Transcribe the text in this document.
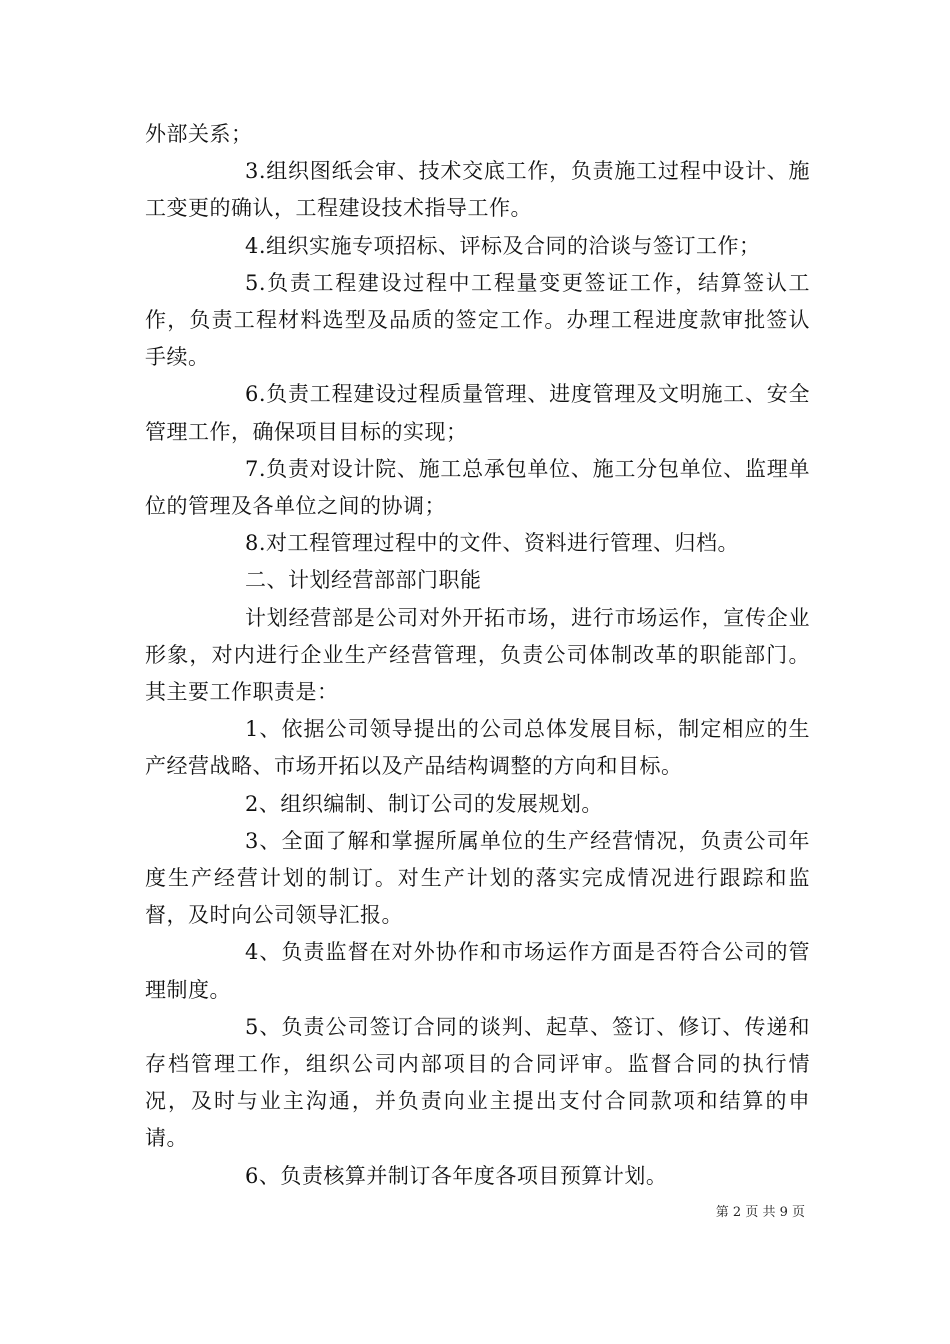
外部关系；

3.组织图纸会审、技术交底工作，负责施工过程中设计、施工变更的确认，工程建设技术指导工作。

4.组织实施专项招标、评标及合同的洽谈与签订工作；

5.负责工程建设过程中工程量变更签证工作，结算签认工作，负责工程材料选型及品质的签定工作。办理工程进度款审批签认手续。

6.负责工程建设过程质量管理、进度管理及文明施工、安全管理工作，确保项目目标的实现；

7.负责对设计院、施工总承包单位、施工分包单位、监理单位的管理及各单位之间的协调；

8.对工程管理过程中的文件、资料进行管理、归档。

二、计划经营部部门职能

计划经营部是公司对外开拓市场，进行市场运作，宣传企业形象，对内进行企业生产经营管理，负责公司体制改革的职能部门。其主要工作职责是：

1、依据公司领导提出的公司总体发展目标，制定相应的生产经营战略、市场开拓以及产品结构调整的方向和目标。

2、组织编制、制订公司的发展规划。

3、全面了解和掌握所属单位的生产经营情况，负责公司年度生产经营计划的制订。对生产计划的落实完成情况进行跟踪和监督，及时向公司领导汇报。

4、负责监督在对外协作和市场运作方面是否符合公司的管理制度。

5、负责公司签订合同的谈判、起草、签订、修订、传递和存档管理工作，组织公司内部项目的合同评审。监督合同的执行情况，及时与业主沟通，并负责向业主提出支付合同款项和结算的申请。

6、负责核算并制订各年度各项目预算计划。

第 2 页 共 9 页
